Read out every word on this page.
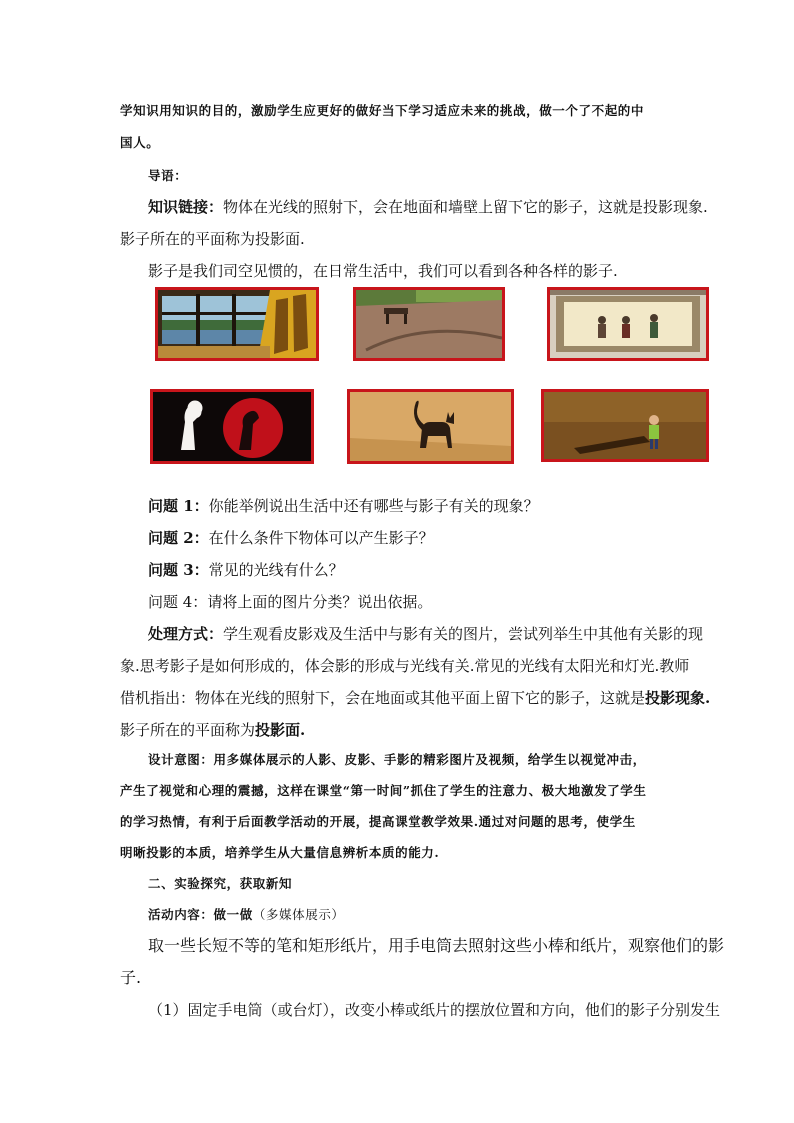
学知识用知识的目的，激励学生应更好的做好当下学习适应未来的挑战，做一个了不起的中
国人。
导语：
知识链接：物体在光线的照射下，会在地面和墙壁上留下它的影子，这就是投影现象.
影子所在的平面称为投影面.
影子是我们司空见惯的，在日常生活中，我们可以看到各种各样的影子.
问题 1：你能举例说出生活中还有哪些与影子有关的现象？
问题 2：在什么条件下物体可以产生影子？
问题 3：常见的光线有什么？
问题 4：请将上面的图片分类？说出依据。
处理方式：学生观看皮影戏及生活中与影有关的图片，尝试列举生中其他有关影的现
象.思考影子是如何形成的，体会影的形成与光线有关.常见的光线有太阳光和灯光.教师
借机指出：物体在光线的照射下，会在地面或其他平面上留下它的影子，这就是投影现象.
影子所在的平面称为投影面.
设计意图：用多媒体展示的人影、皮影、手影的精彩图片及视频，给学生以视觉冲击，
产生了视觉和心理的震撼，这样在课堂“第一时间”抓住了学生的注意力、极大地激发了学生
的学习热情，有利于后面教学活动的开展，提高课堂教学效果.通过对问题的思考，使学生
明晰投影的本质，培养学生从大量信息辨析本质的能力.
二、实验探究，获取新知
活动内容：做一做（多媒体展示）
取一些长短不等的笔和矩形纸片，用手电筒去照射这些小棒和纸片，观察他们的影
子.
（1）固定手电筒（或台灯），改变小棒或纸片的摆放位置和方向，他们的影子分别发生
